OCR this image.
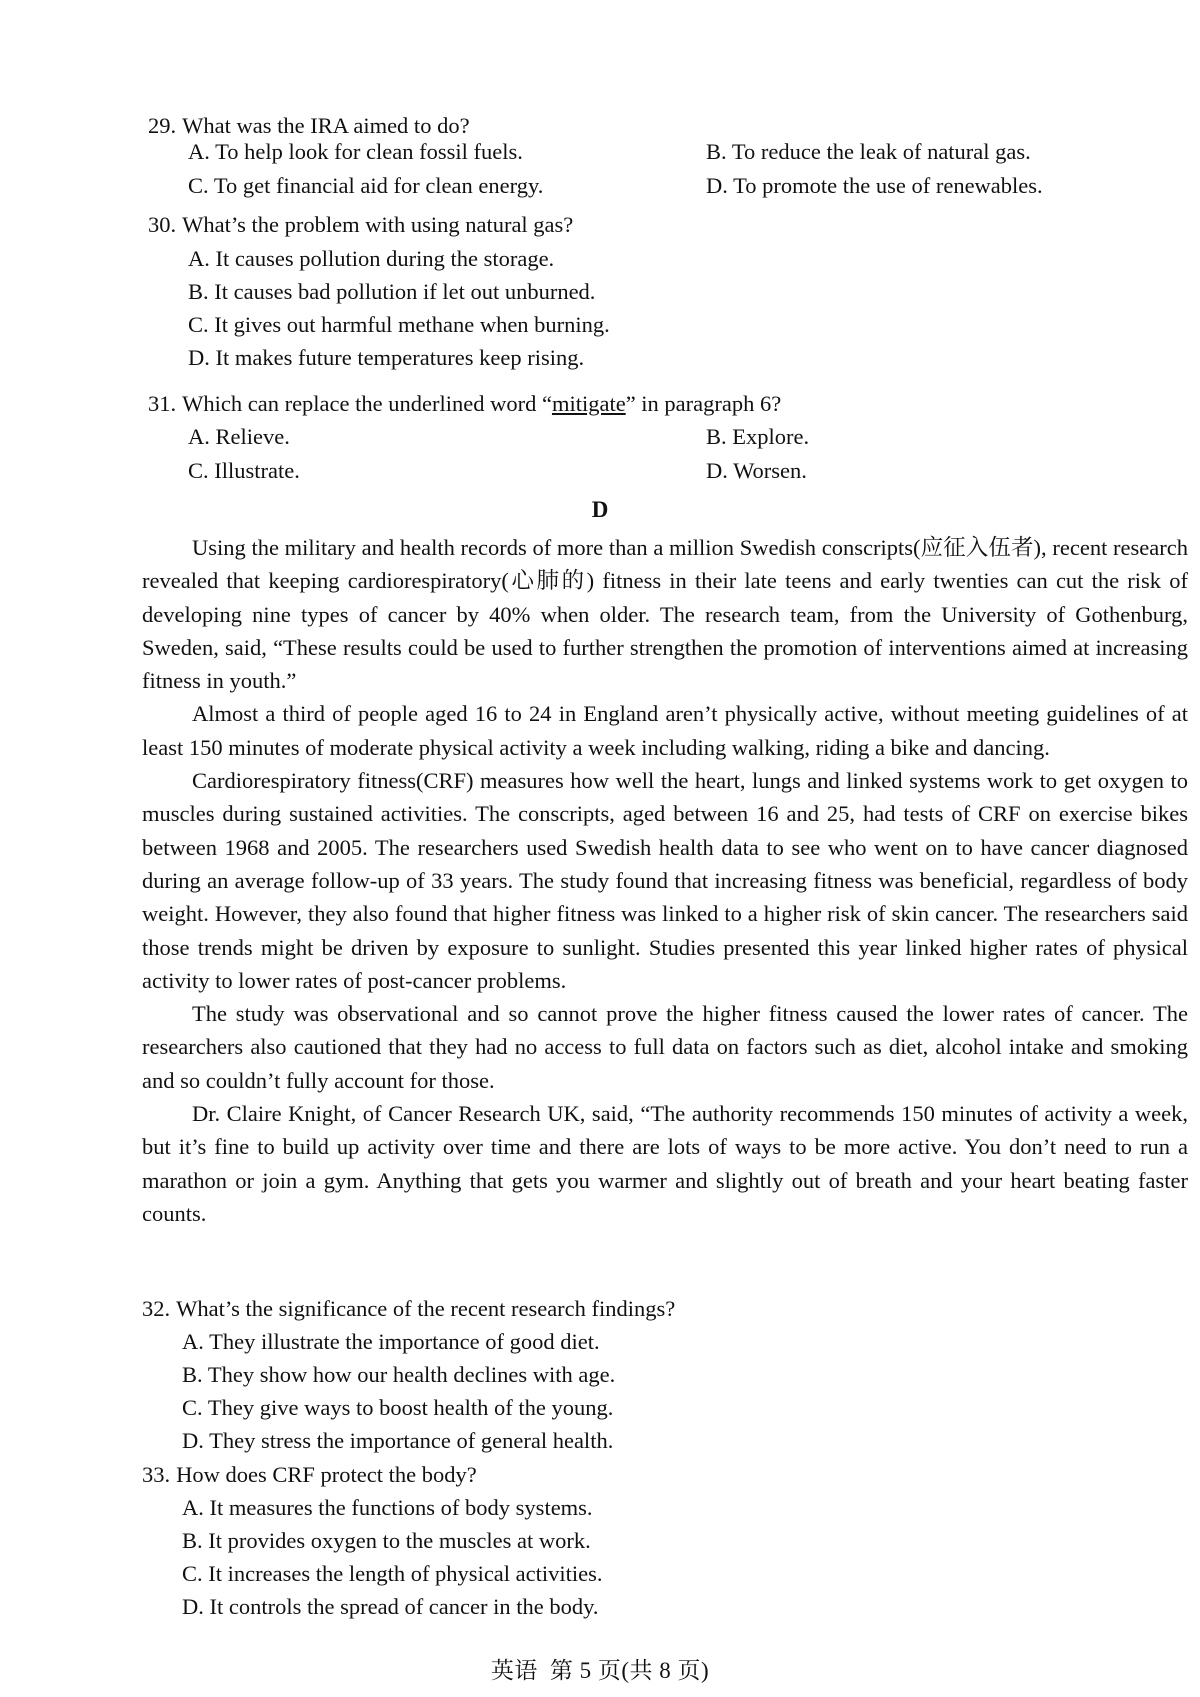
29. What was the IRA aimed to do?
A. To help look for clean fossil fuels.	B. To reduce the leak of natural gas.
C. To get financial aid for clean energy.	D. To promote the use of renewables.
30. What’s the problem with using natural gas?
A. It causes pollution during the storage.
B. It causes bad pollution if let out unburned.
C. It gives out harmful methane when burning.
D. It makes future temperatures keep rising.
31. Which can replace the underlined word “mitigate” in paragraph 6?
A. Relieve.	B. Explore.
C. Illustrate.	D. Worsen.
D

Using the military and health records of more than a million Swedish conscripts(应征入伍者), recent research revealed that keeping cardiorespiratory(心肺的) fitness in their late teens and early twenties can cut the risk of developing nine types of cancer by 40% when older. The research team, from the University of Gothenburg, Sweden, said, “These results could be used to further strengthen the promotion of interventions aimed at increasing fitness in youth.”

Almost a third of people aged 16 to 24 in England aren’t physically active, without meeting guidelines of at least 150 minutes of moderate physical activity a week including walking, riding a bike and dancing.

Cardiorespiratory fitness(CRF) measures how well the heart, lungs and linked systems work to get oxygen to muscles during sustained activities. The conscripts, aged between 16 and 25, had tests of CRF on exercise bikes between 1968 and 2005. The researchers used Swedish health data to see who went on to have cancer diagnosed during an average follow-up of 33 years. The study found that increasing fitness was beneficial, regardless of body weight. However, they also found that higher fitness was linked to a higher risk of skin cancer. The researchers said those trends might be driven by exposure to sunlight. Studies presented this year linked higher rates of physical activity to lower rates of post-cancer problems.

The study was observational and so cannot prove the higher fitness caused the lower rates of cancer. The researchers also cautioned that they had no access to full data on factors such as diet, alcohol intake and smoking and so couldn’t fully account for those.

Dr. Claire Knight, of Cancer Research UK, said, “The authority recommends 150 minutes of activity a week, but it’s fine to build up activity over time and there are lots of ways to be more active. You don’t need to run a marathon or join a gym. Anything that gets you warmer and slightly out of breath and your heart beating faster counts.

32. What’s the significance of the recent research findings?
A. They illustrate the importance of good diet.
B. They show how our health declines with age.
C. They give ways to boost health of the young.
D. They stress the importance of general health.
33. How does CRF protect the body?
A. It measures the functions of body systems.
B. It provides oxygen to the muscles at work.
C. It increases the length of physical activities.
D. It controls the spread of cancer in the body.
英语 第 5 页(共 8 页)
